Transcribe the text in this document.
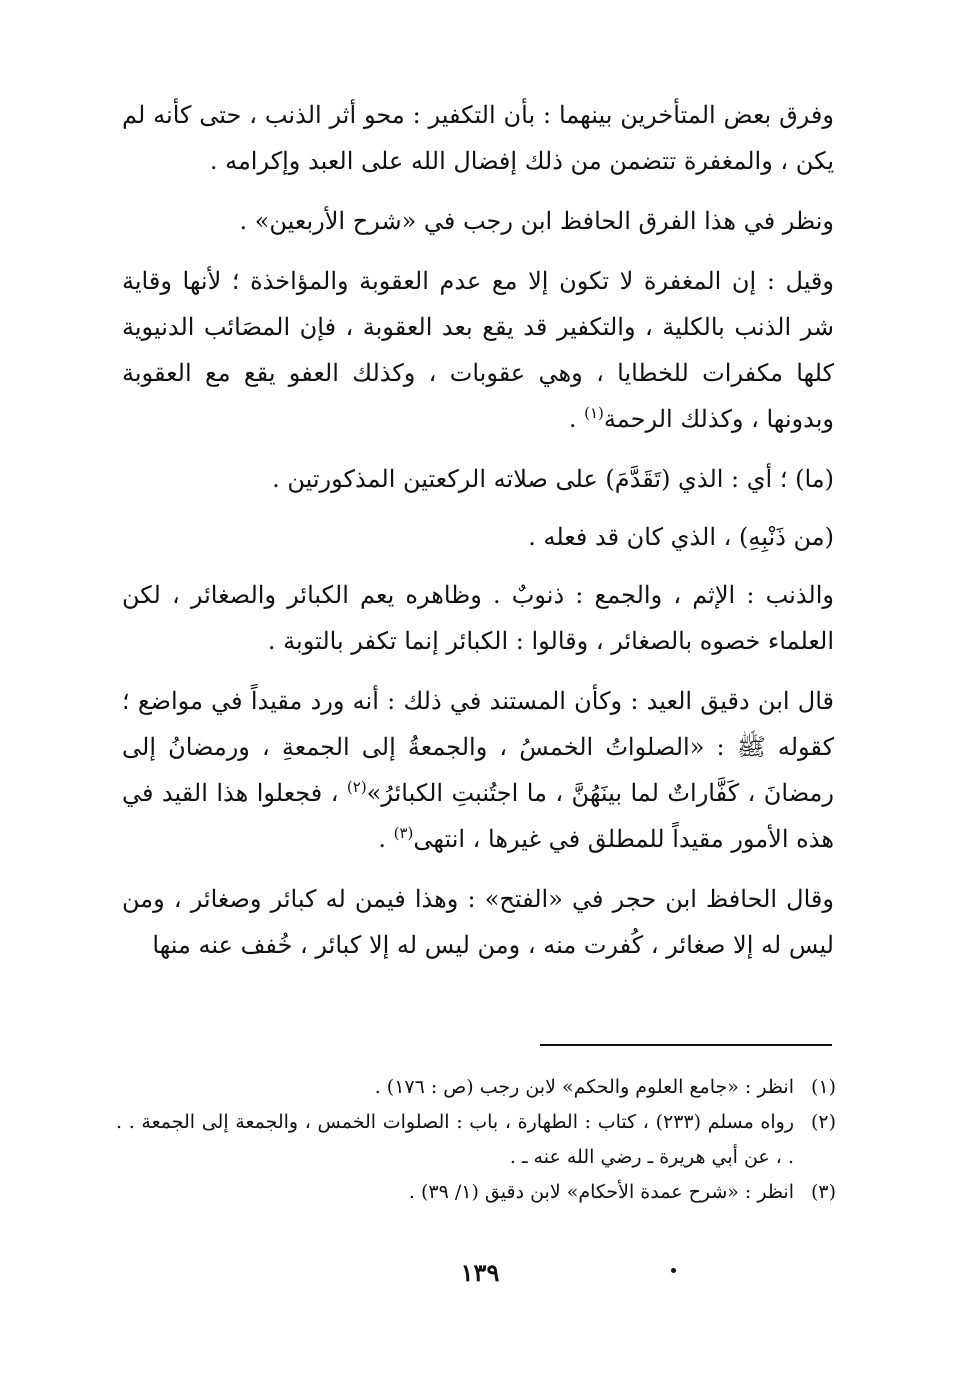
وفرق بعض المتأخرين بينهما : بأن التكفير : محو أثر الذنب ، حتى كأنه لم يكن ، والمغفرة تتضمن من ذلك إفضال الله على العبد وإكرامه .

ونظر في هذا الفرق الحافظ ابن رجب في «شرح الأربعين» .

وقيل : إن المغفرة لا تكون إلا مع عدم العقوبة والمؤاخذة ؛ لأنها وقاية شر الذنب بالكلية ، والتكفير قد يقع بعد العقوبة ، فإن المصَائب الدنيوية كلها مكفرات للخطايا ، وهي عقوبات ، وكذلك العفو يقع مع العقوبة وبدونها ، وكذلك الرحمة$^{(١)}$ .

(ما) ؛ أي : الذي (تَقَدَّمَ) على صلاته الركعتين المذكورتين .

(من ذَنْبِهِ) ، الذي كان قد فعله .

والذنب : الإثم ، والجمع : ذنوبٌ . وظاهره يعم الكبائر والصغائر ، لكن العلماء خصوه بالصغائر ، وقالوا : الكبائر إنما تكفر بالتوبة .

قال ابن دقيق العيد : وكأن المستند في ذلك : أنه ورد مقيداً في مواضع ؛ كقوله ﷺ : «الصلواتُ الخمسُ ، والجمعةُ إلى الجمعةِ ، ورمضانُ إلى رمضانَ ، كَفَّاراتٌ لما بينَهُنَّ ، ما اجتُنبتِ الكبائرُ»$^{(٢)}$ ، فجعلوا هذا القيد في هذه الأمور مقيداً للمطلق في غيرها ، انتهى$^{(٣)}$ .

وقال الحافظ ابن حجر في «الفتح» : وهذا فيمن له كبائر وصغائر ، ومن ليس له إلا صغائر ، كُفرت منه ، ومن ليس له إلا كبائر ، خُفف عنه منها

(١)
انظر : «جامع العلوم والحكم» لابن رجب (ص : ١٧٦) .
(٢)
رواه مسلم (٢٣٣) ، كتاب : الطهارة ، باب : الصلوات الخمس ، والجمعة إلى الجمعة . . . ، عن أبي هريرة ـ رضي الله عنه ـ .
(٣)
انظر : «شرح عمدة الأحكام» لابن دقيق (١/ ٣٩) .
١٣٩
